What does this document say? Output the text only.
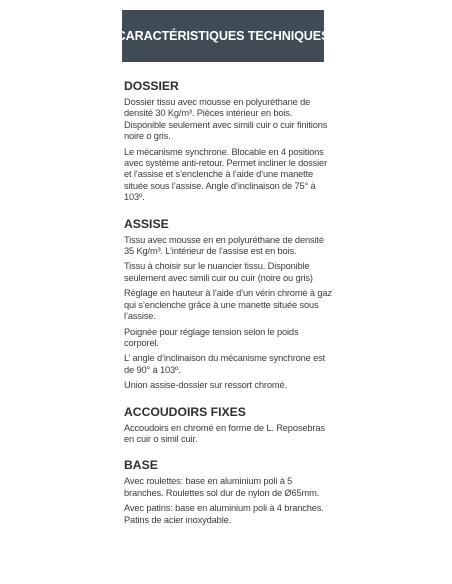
CARACTÉRISTIQUES TECHNIQUES
DOSSIER

Dossier tissu avec mousse en polyuréthane de densité 30 Kg/m³. Pièces intérieur en bois. Disponible seulement avec simili cuir o cuir finitions noire o gris.

Le mécanisme synchrone. Blocable en 4 positions avec système anti-retour. Permet incliner le dossier et l’assise et s’enclenche à l’aide d’une manette située sous l’assise. Angle d’inclinaison de 75° à 103º.

ASSISE

Tissu avec mousse en en polyuréthane de densité 35 Kg/m³. L’intérieur de l’assise est en bois.

Tissu à choisir sur le nuancier tissu. Disponible seulement avec simili cuir ou cuir (noire ou gris)

Réglage en hauteur à l’aide d’un vérin chromé à gaz qui s’enclenche grâce à une manette située sous l’assise.

Poignée pour réglage tension selon le poids corporel.

L’ angle d’inclinaison du mécanisme synchrone est de 90° à 103º.

Union assise-dossier sur ressort chromé.

ACCOUDOIRS FIXES

Accoudoirs en chromé en forme de L. Reposebras en cuir o simil cuir.

BASE

Avec roulettes: base en aluminium poli à 5 branches. Roulettes sol dur de nylon de Ø65mm.

Avec patins: base en aluminium poli à 4 branches. Patins de acier inoxydable.
